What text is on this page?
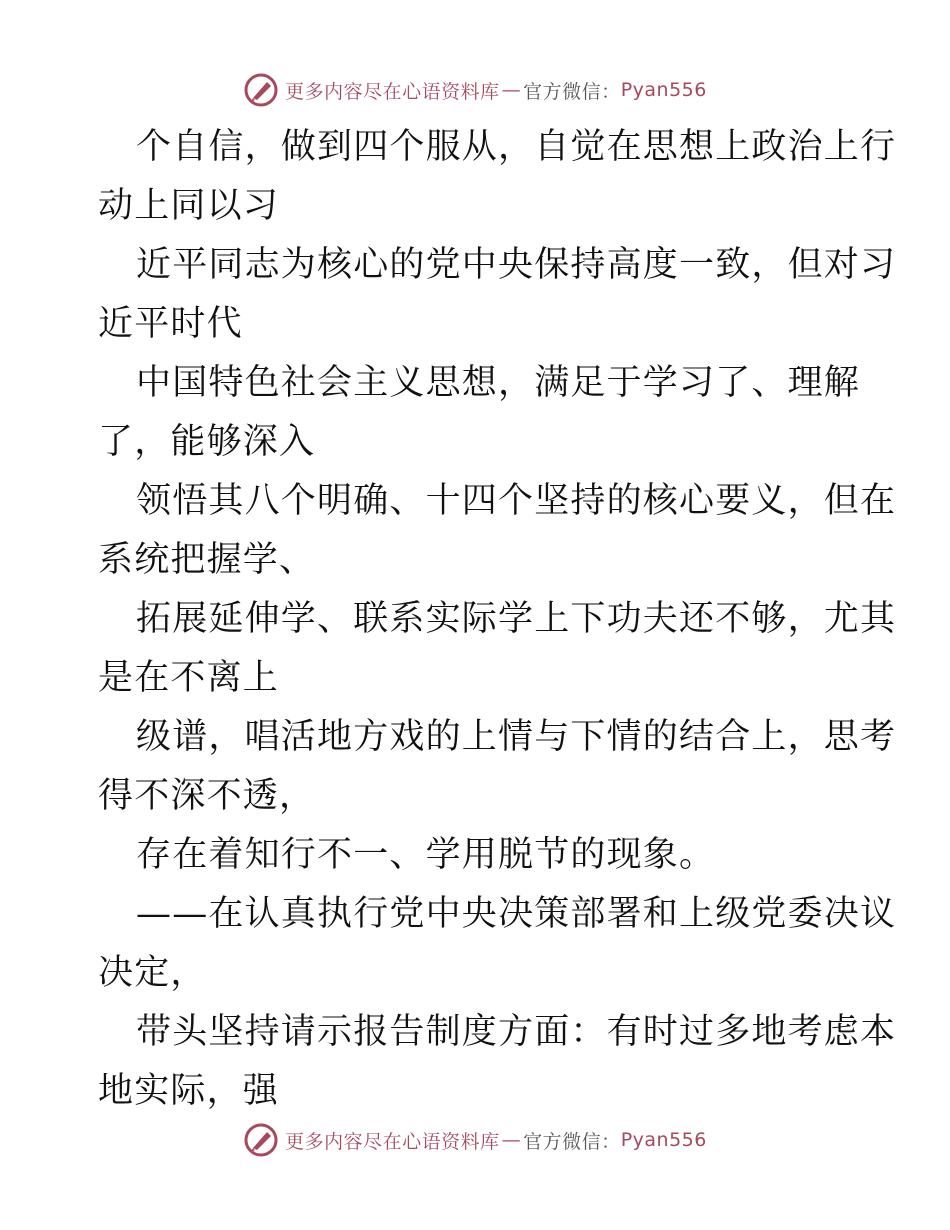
更多内容尽在心语资料库 — 官方微信： Pyan556
个自信，做到四个服从，自觉在思想上政治上行
动上同以习
近平同志为核心的党中央保持高度一致，但对习
近平时代
中国特色社会主义思想，满足于学习了、理解
了，能够深入
领悟其八个明确、十四个坚持的核心要义，但在
系统把握学、
拓展延伸学、联系实际学上下功夫还不够，尤其
是在不离上
级谱，唱活地方戏的上情与下情的结合上，思考
得不深不透，
存在着知行不一、学用脱节的现象。
——在认真执行党中央决策部署和上级党委决议
决定，
带头坚持请示报告制度方面：有时过多地考虑本
地实际，强
更多内容尽在心语资料库 — 官方微信： Pyan556
